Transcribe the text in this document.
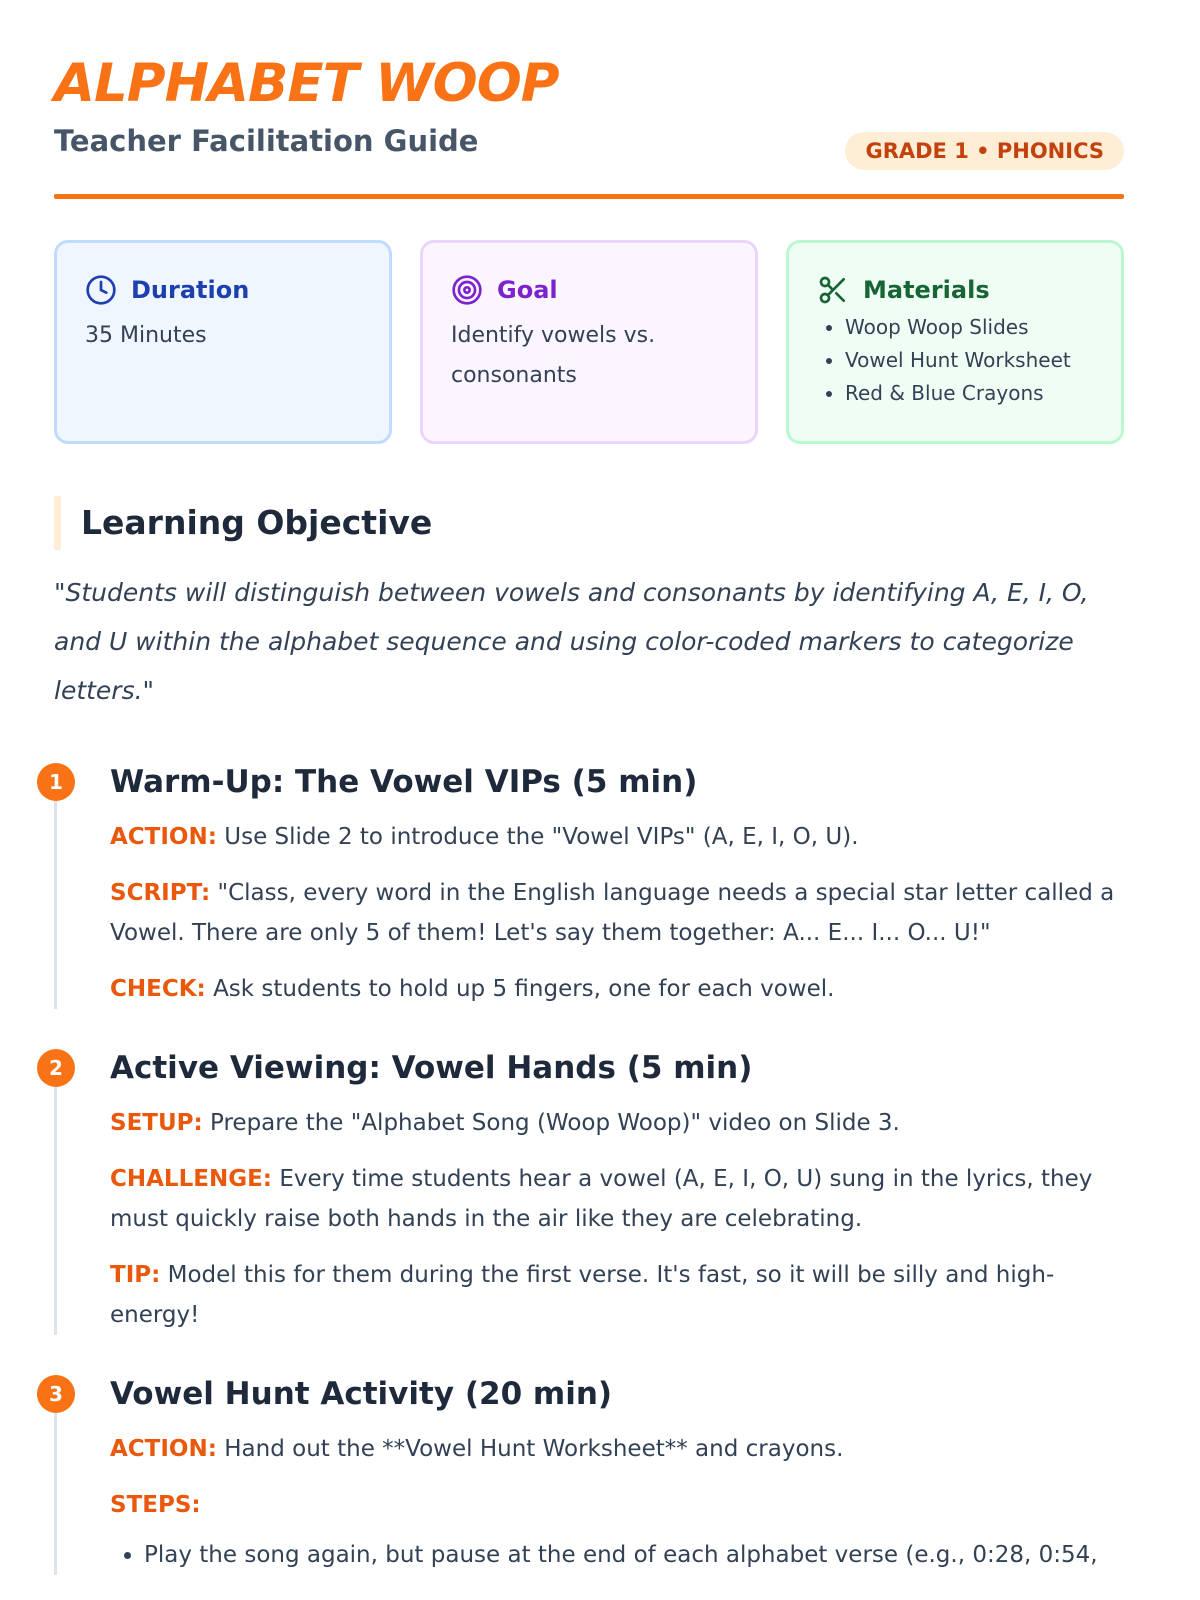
ALPHABET WOOP
Teacher Facilitation Guide	GRADE 1 • PHONICS
Duration
35 Minutes
Goal
Identify vowels vs. consonants
Materials
• Woop Woop Slides
• Vowel Hunt Worksheet
• Red & Blue Crayons
Learning Objective

"Students will distinguish between vowels and consonants by identifying A, E, I, O, and U within the alphabet sequence and using color-coded markers to categorize letters."

1	Warm-Up: The Vowel VIPs (5 min)

ACTION: Use Slide 2 to introduce the "Vowel VIPs" (A, E, I, O, U).

SCRIPT: "Class, every word in the English language needs a special star letter called a Vowel. There are only 5 of them! Let's say them together: A... E... I... O... U!"

CHECK: Ask students to hold up 5 fingers, one for each vowel.

2	Active Viewing: Vowel Hands (5 min)

SETUP: Prepare the "Alphabet Song (Woop Woop)" video on Slide 3.

CHALLENGE: Every time students hear a vowel (A, E, I, O, U) sung in the lyrics, they must quickly raise both hands in the air like they are celebrating.

TIP: Model this for them during the first verse. It's fast, so it will be silly and high-energy!

3	Vowel Hunt Activity (20 min)

ACTION: Hand out the **Vowel Hunt Worksheet** and crayons.

STEPS:

• Play the song again, but pause at the end of each alphabet verse (e.g., 0:28, 0:54,
